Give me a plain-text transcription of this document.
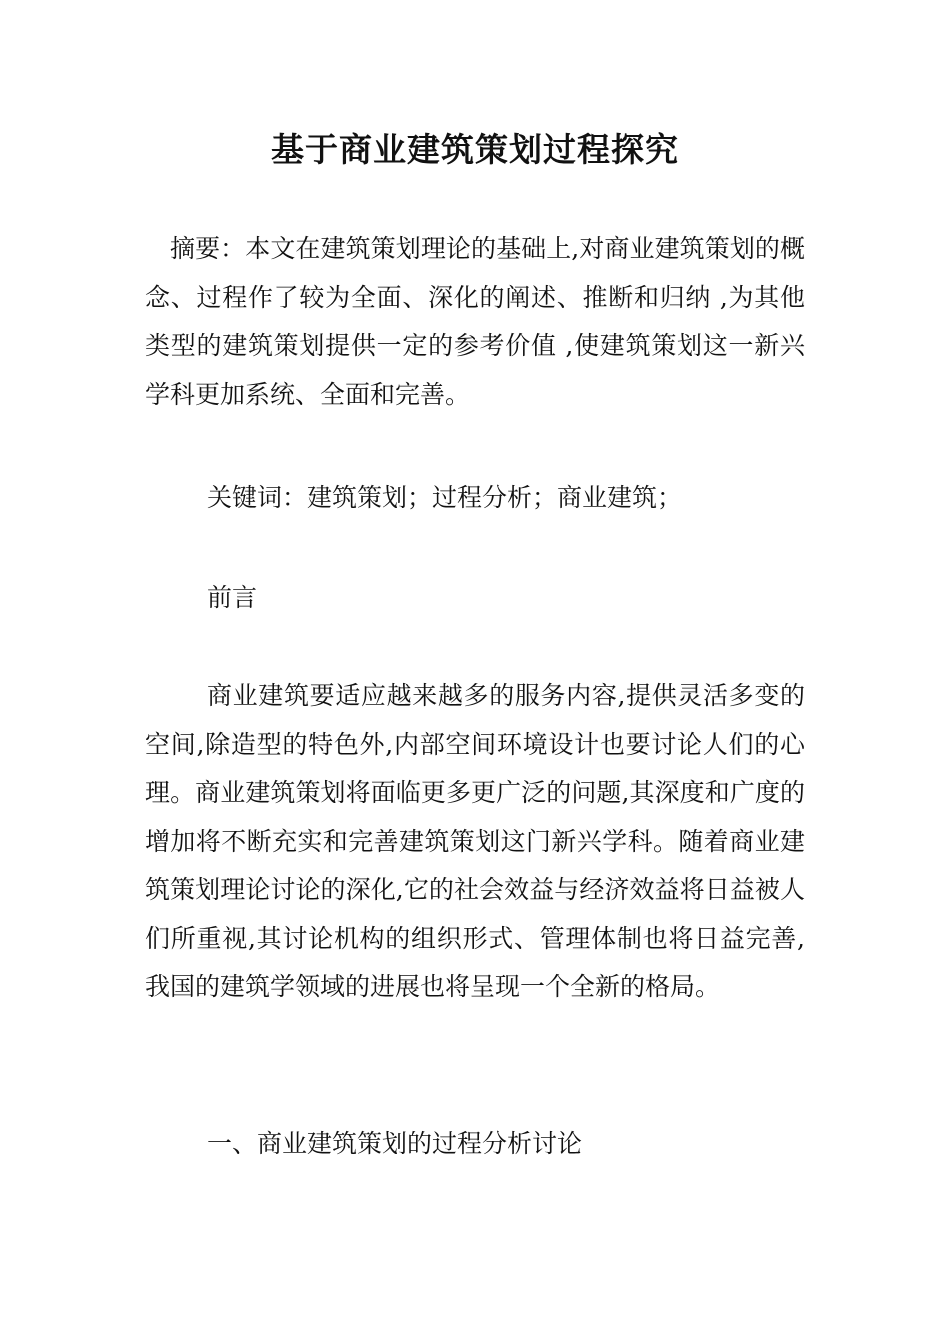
基于商业建筑策划过程探究

摘要：本文在建筑策划理论的基础上,对商业建筑策划的概念、过程作了较为全面、深化的阐述、推断和归纳 ,为其他类型的建筑策划提供一定的参考价值 ,使建筑策划这一新兴学科更加系统、全面和完善。

关键词：建筑策划；过程分析；商业建筑；

前言

商业建筑要适应越来越多的服务内容,提供灵活多变的空间,除造型的特色外,内部空间环境设计也要讨论人们的心理。商业建筑策划将面临更多更广泛的问题,其深度和广度的增加将不断充实和完善建筑策划这门新兴学科。随着商业建筑策划理论讨论的深化,它的社会效益与经济效益将日益被人们所重视,其讨论机构的组织形式、管理体制也将日益完善,我国的建筑学领域的进展也将呈现一个全新的格局。

一、商业建筑策划的过程分析讨论
